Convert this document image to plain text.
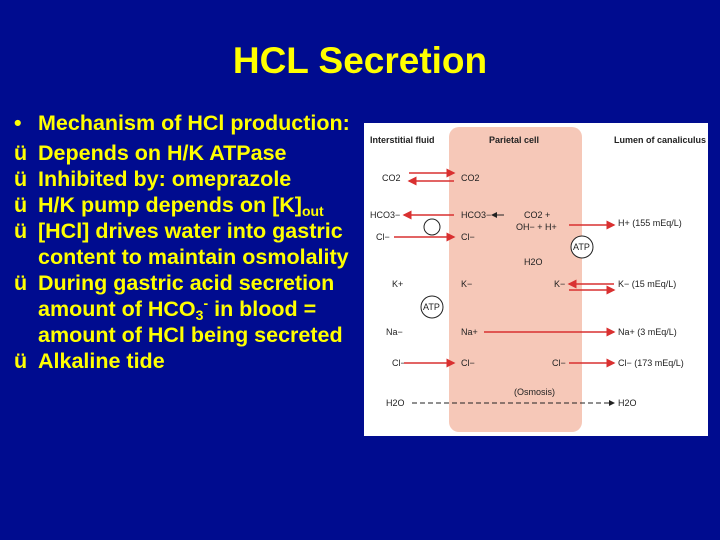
HCL Secretion
• Mechanism of HCl production:
ü Depends on H/K ATPase
ü Inhibited by: omeprazole
ü H/K pump depends on $[K]_{out}$
ü [HCl] drives water into gastric content to maintain osmolality
ü During gastric acid secretion amount of $HCO_3^-$ in blood = amount of HCl being secreted
ü Alkaline tide
Interstitial fluid	Parietal cell	Lumen of canaliculus
CO2	CO2
HCO3−	HCO3−
Cl−	Cl−
CO2 +
OH− + H+	H+ (155 mEq/L)
ATP
H2O
K+	K−	K−	K− (15 mEq/L)
ATP
Na−	Na+	Na+ (3 mEq/L)
Cl−	Cl−	Cl−	Cl− (173 mEq/L)
(Osmosis)
H2O	H2O
